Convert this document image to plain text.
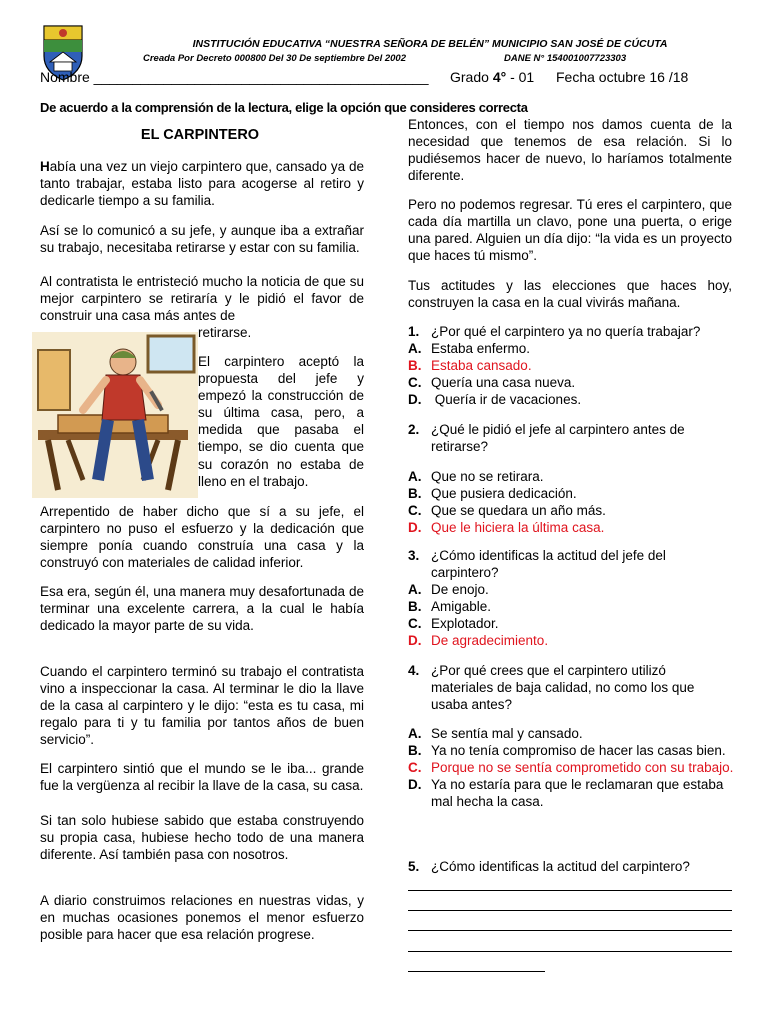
INSTITUCIÓN EDUCATIVA “NUESTRA SEÑORA DE BELÉN” MUNICIPIO SAN JOSÉ DE CÚCUTA
Creada Por Decreto 000800 Del 30 De septiembre Del 2002	DANE N° 154001007723303
Nombre ___________________________________________ Grado 4° - 01 Fecha octubre 16 /18
De acuerdo a la comprensión de la lectura, elige la opción que consideres correcta
EL CARPINTERO

Había una vez un viejo carpintero que, cansado ya de tanto trabajar, estaba listo para acogerse al retiro y dedicarle tiempo a su familia.

Así se lo comunicó a su jefe, y aunque iba a extrañar su trabajo, necesitaba retirarse y estar con su familia.

Al contratista le entristeció mucho la noticia de que su mejor carpintero se retiraría y le pidió el favor de construir una casa más antes de

retirarse.

El carpintero aceptó la propuesta del jefe y empezó la construcción de su última casa, pero, a medida que pasaba el tiempo, se dio cuenta que su corazón no estaba de lleno en el trabajo.

Arrepentido de haber dicho que sí a su jefe, el carpintero no puso el esfuerzo y la dedicación que siempre ponía cuando construía una casa y la construyó con materiales de calidad inferior.

Esa era, según él, una manera muy desafortunada de terminar una excelente carrera, a la cual le había dedicado la mayor parte de su vida.

Cuando el carpintero terminó su trabajo el contratista vino a inspeccionar la casa. Al terminar le dio la llave de la casa al carpintero y le dijo: “esta es tu casa, mi regalo para ti y tu familia por tantos años de buen servicio”.

El carpintero sintió que el mundo se le iba... grande fue la vergüenza al recibir la llave de la casa, su casa.

Si tan solo hubiese sabido que estaba construyendo su propia casa, hubiese hecho todo de una manera diferente. Así también pasa con nosotros.

A diario construimos relaciones en nuestras vidas, y en muchas ocasiones ponemos el menor esfuerzo posible para hacer que esa relación progrese.

Entonces, con el tiempo nos damos cuenta de la necesidad que tenemos de esa relación. Si lo pudiésemos hacer de nuevo, lo haríamos totalmente diferente.

Pero no podemos regresar. Tú eres el carpintero, que cada día martilla un clavo, pone una puerta, o erige una pared. Alguien un día dijo: “la vida es un proyecto que haces tú mismo”.

Tus actitudes y las elecciones que haces hoy, construyen la casa en la cual vivirás mañana.

1. ¿Por qué el carpintero ya no quería trabajar?
A. Estaba enfermo.
B. Estaba cansado.
C. Quería una casa nueva.
D. Quería ir de vacaciones.
2. ¿Qué le pidió el jefe al carpintero antes de retirarse?
A. Que no se retirara.
B. Que pusiera dedicación.
C. Que se quedara un año más.
D. Que le hiciera la última casa.
3. ¿Cómo identificas la actitud del jefe del carpintero?
A. De enojo.
B. Amigable.
C. Explotador.
D. De agradecimiento.
4. ¿Por qué crees que el carpintero utilizó materiales de baja calidad, no como los que usaba antes?
A. Se sentía mal y cansado.
B. Ya no tenía compromiso de hacer las casas bien.
C. Porque no se sentía comprometido con su trabajo.
D. Ya no estaría para que le reclamaran que estaba mal hecha la casa.
5. ¿Cómo identificas la actitud del carpintero?
